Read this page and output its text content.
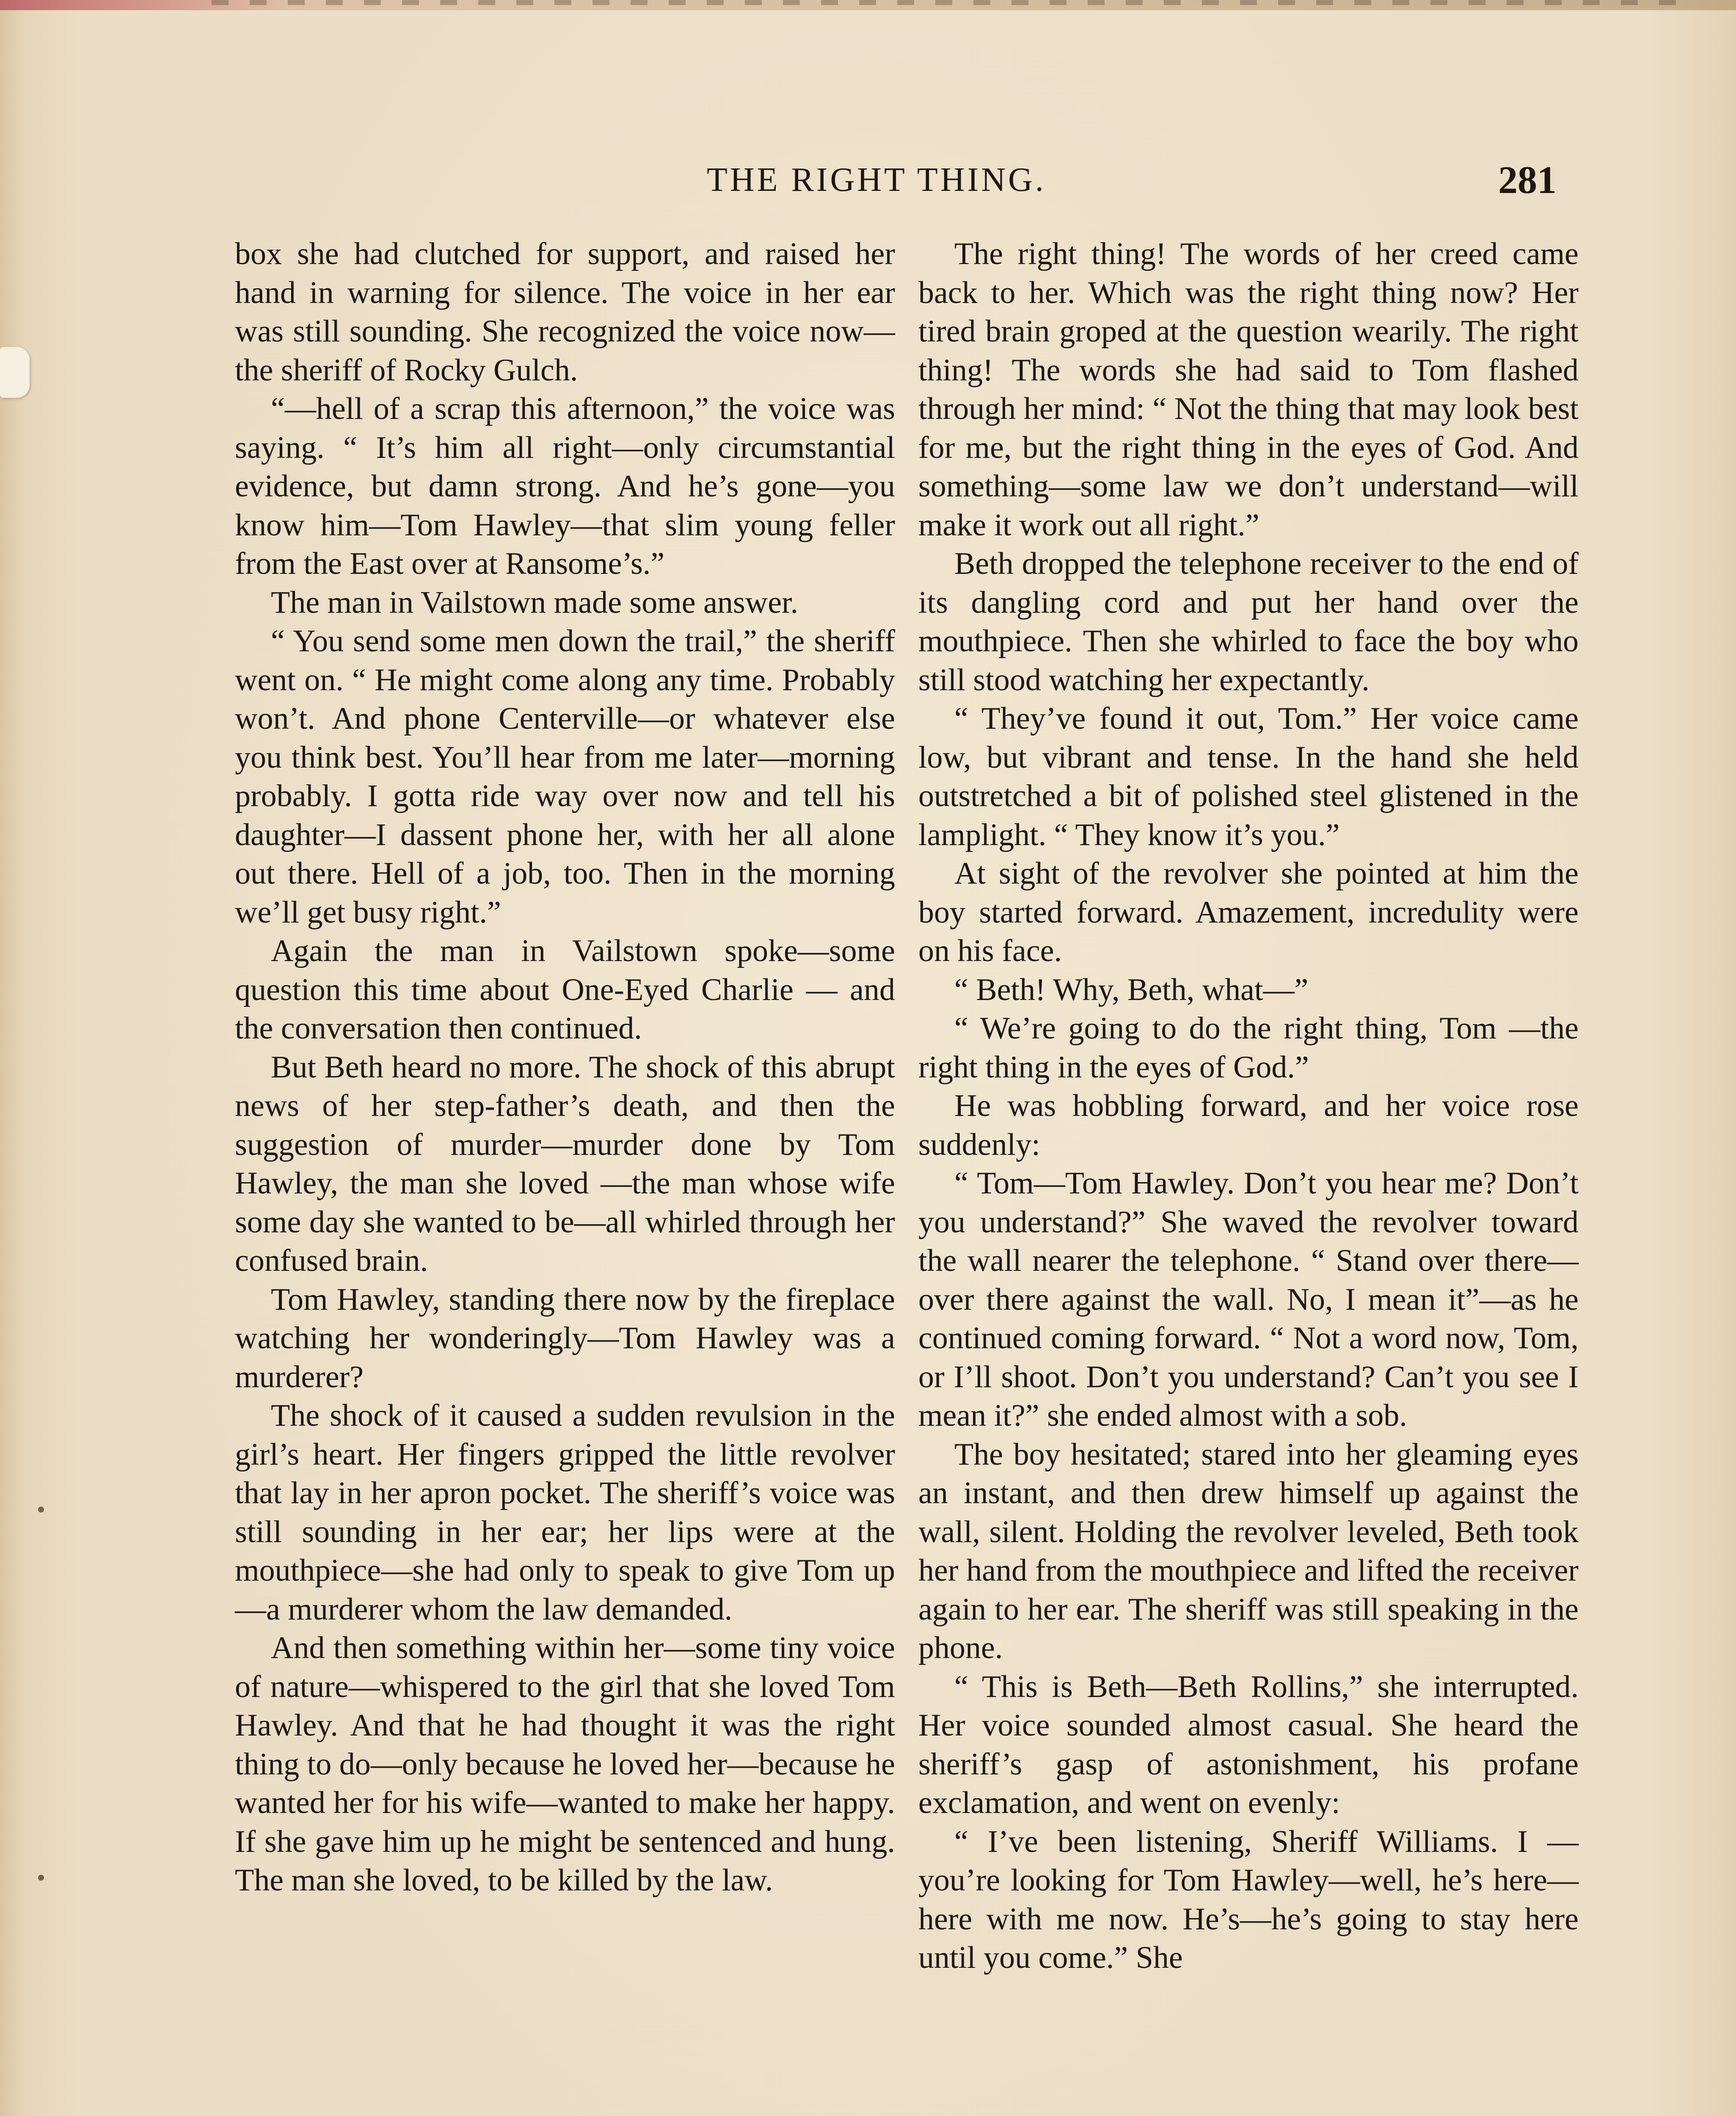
THE RIGHT THING.	281

box she had clutched for support, and raised her hand in warning for silence. The voice in her ear was still sounding. She recognized the voice now—the sheriff of Rocky Gulch.

“—hell of a scrap this afternoon,” the voice was saying. “ It’s him all right—only circumstantial evidence, but damn strong. And he’s gone—you know him—Tom Hawley—that slim young feller from the East over at Ransome’s.”

The man in Vailstown made some answer.

“ You send some men down the trail,” the sheriff went on. “ He might come along any time. Probably won’t. And phone Centerville—or whatever else you think best. You’ll hear from me later—morning probably. I gotta ride way over now and tell his daughter—I dassent phone her, with her all alone out there. Hell of a job, too. Then in the morning we’ll get busy right.”

Again the man in Vailstown spoke—some question this time about One-Eyed Charlie — and the conversation then continued.

But Beth heard no more. The shock of this abrupt news of her step-father’s death, and then the suggestion of murder—murder done by Tom Hawley, the man she loved —the man whose wife some day she wanted to be—all whirled through her confused brain.

Tom Hawley, standing there now by the fireplace watching her wonderingly—Tom Hawley was a murderer?

The shock of it caused a sudden revulsion in the girl’s heart. Her fingers gripped the little revolver that lay in her apron pocket. The sheriff’s voice was still sounding in her ear; her lips were at the mouthpiece—she had only to speak to give Tom up—a murderer whom the law demanded.

And then something within her—some tiny voice of nature—whispered to the girl that she loved Tom Hawley. And that he had thought it was the right thing to do—only because he loved her—because he wanted her for his wife—wanted to make her happy. If she gave him up he might be sentenced and hung. The man she loved, to be killed by the law.

The right thing! The words of her creed came back to her. Which was the right thing now? Her tired brain groped at the question wearily. The right thing! The words she had said to Tom flashed through her mind: “ Not the thing that may look best for me, but the right thing in the eyes of God. And something—some law we don’t understand—will make it work out all right.”

Beth dropped the telephone receiver to the end of its dangling cord and put her hand over the mouthpiece. Then she whirled to face the boy who still stood watching her expectantly.

“ They’ve found it out, Tom.” Her voice came low, but vibrant and tense. In the hand she held outstretched a bit of polished steel glistened in the lamplight. “ They know it’s you.”

At sight of the revolver she pointed at him the boy started forward. Amazement, incredulity were on his face.

“ Beth! Why, Beth, what—”

“ We’re going to do the right thing, Tom —the right thing in the eyes of God.”

He was hobbling forward, and her voice rose suddenly:

“ Tom—Tom Hawley. Don’t you hear me? Don’t you understand?” She waved the revolver toward the wall nearer the telephone. “ Stand over there—over there against the wall. No, I mean it”—as he continued coming forward. “ Not a word now, Tom, or I’ll shoot. Don’t you understand? Can’t you see I mean it?” she ended almost with a sob.

The boy hesitated; stared into her gleaming eyes an instant, and then drew himself up against the wall, silent. Holding the revolver leveled, Beth took her hand from the mouthpiece and lifted the receiver again to her ear. The sheriff was still speaking in the phone.

“ This is Beth—Beth Rollins,” she interrupted. Her voice sounded almost casual. She heard the sheriff’s gasp of astonishment, his profane exclamation, and went on evenly:

“ I’ve been listening, Sheriff Williams. I —you’re looking for Tom Hawley—well, he’s here—here with me now. He’s—he’s going to stay here until you come.” She
